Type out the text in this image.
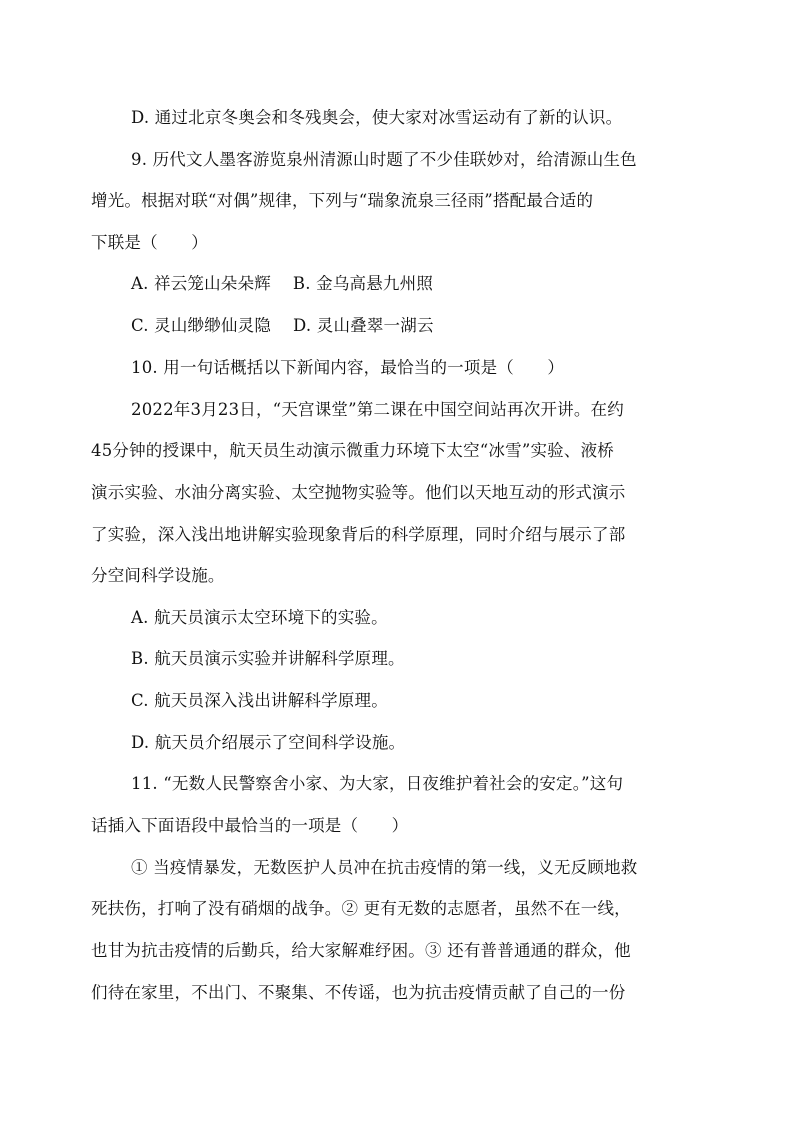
D. 通过北京冬奥会和冬残奥会，使大家对冰雪运动有了新的认识。
9. 历代文人墨客游览泉州清源山时题了不少佳联妙对，给清源山生色
增光。根据对联“对偶”规律，下列与“瑞象流泉三径雨”搭配最合适的
下联是（　　）
A. 祥云笼山朵朵辉 B. 金乌高悬九州照
C. 灵山缈缈仙灵隐 D. 灵山叠翠一湖云
10. 用一句话概括以下新闻内容，最恰当的一项是（　　）
2022年3月23日，“天宫课堂”第二课在中国空间站再次开讲。在约
45分钟的授课中，航天员生动演示微重力环境下太空“冰雪”实验、液桥
演示实验、水油分离实验、太空抛物实验等。他们以天地互动的形式演示
了实验，深入浅出地讲解实验现象背后的科学原理，同时介绍与展示了部
分空间科学设施。
A. 航天员演示太空环境下的实验。
B. 航天员演示实验并讲解科学原理。
C. 航天员深入浅出讲解科学原理。
D. 航天员介绍展示了空间科学设施。
11. “无数人民警察舍小家、为大家，日夜维护着社会的安定。”这句
话插入下面语段中最恰当的一项是（　　）
① 当疫情暴发，无数医护人员冲在抗击疫情的第一线，义无反顾地救
死扶伤，打响了没有硝烟的战争。② 更有无数的志愿者，虽然不在一线，
也甘为抗击疫情的后勤兵，给大家解难纾困。③ 还有普普通通的群众，他
们待在家里，不出门、不聚集、不传谣，也为抗击疫情贡献了自己的一份
